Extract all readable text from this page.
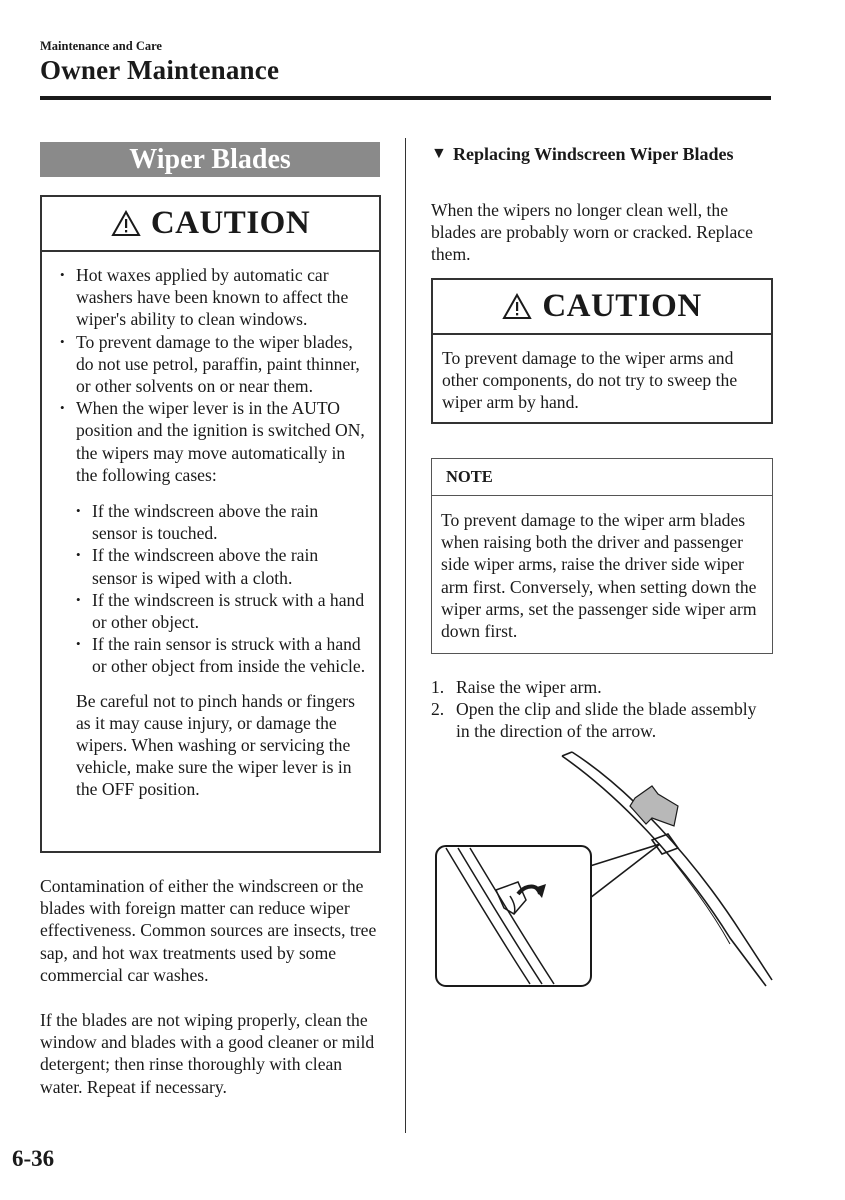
Maintenance and Care
Owner Maintenance
Wiper Blades
CAUTION
• Hot waxes applied by automatic car washers have been known to affect the wiper's ability to clean windows.
• To prevent damage to the wiper blades, do not use petrol, paraffin, paint thinner, or other solvents on or near them.
• When the wiper lever is in the AUTO position and the ignition is switched ON, the wipers may move automatically in the following cases:
• If the windscreen above the rain sensor is touched.
• If the windscreen above the rain sensor is wiped with a cloth.
• If the windscreen is struck with a hand or other object.
• If the rain sensor is struck with a hand or other object from inside the vehicle.
Be careful not to pinch hands or fingers as it may cause injury, or damage the wipers. When washing or servicing the vehicle, make sure the wiper lever is in the OFF position.
Contamination of either the windscreen or the blades with foreign matter can reduce wiper effectiveness. Common sources are insects, tree sap, and hot wax treatments used by some commercial car washes.
If the blades are not wiping properly, clean the window and blades with a good cleaner or mild detergent; then rinse thoroughly with clean water. Repeat if necessary.
▼ Replacing Windscreen Wiper Blades
When the wipers no longer clean well, the blades are probably worn or cracked. Replace them.
CAUTION
To prevent damage to the wiper arms and other components, do not try to sweep the wiper arm by hand.
NOTE
To prevent damage to the wiper arm blades when raising both the driver and passenger side wiper arms, raise the driver side wiper arm first. Conversely, when setting down the wiper arms, set the passenger side wiper arm down first.
1. Raise the wiper arm.
2. Open the clip and slide the blade assembly in the direction of the arrow.
6-36
